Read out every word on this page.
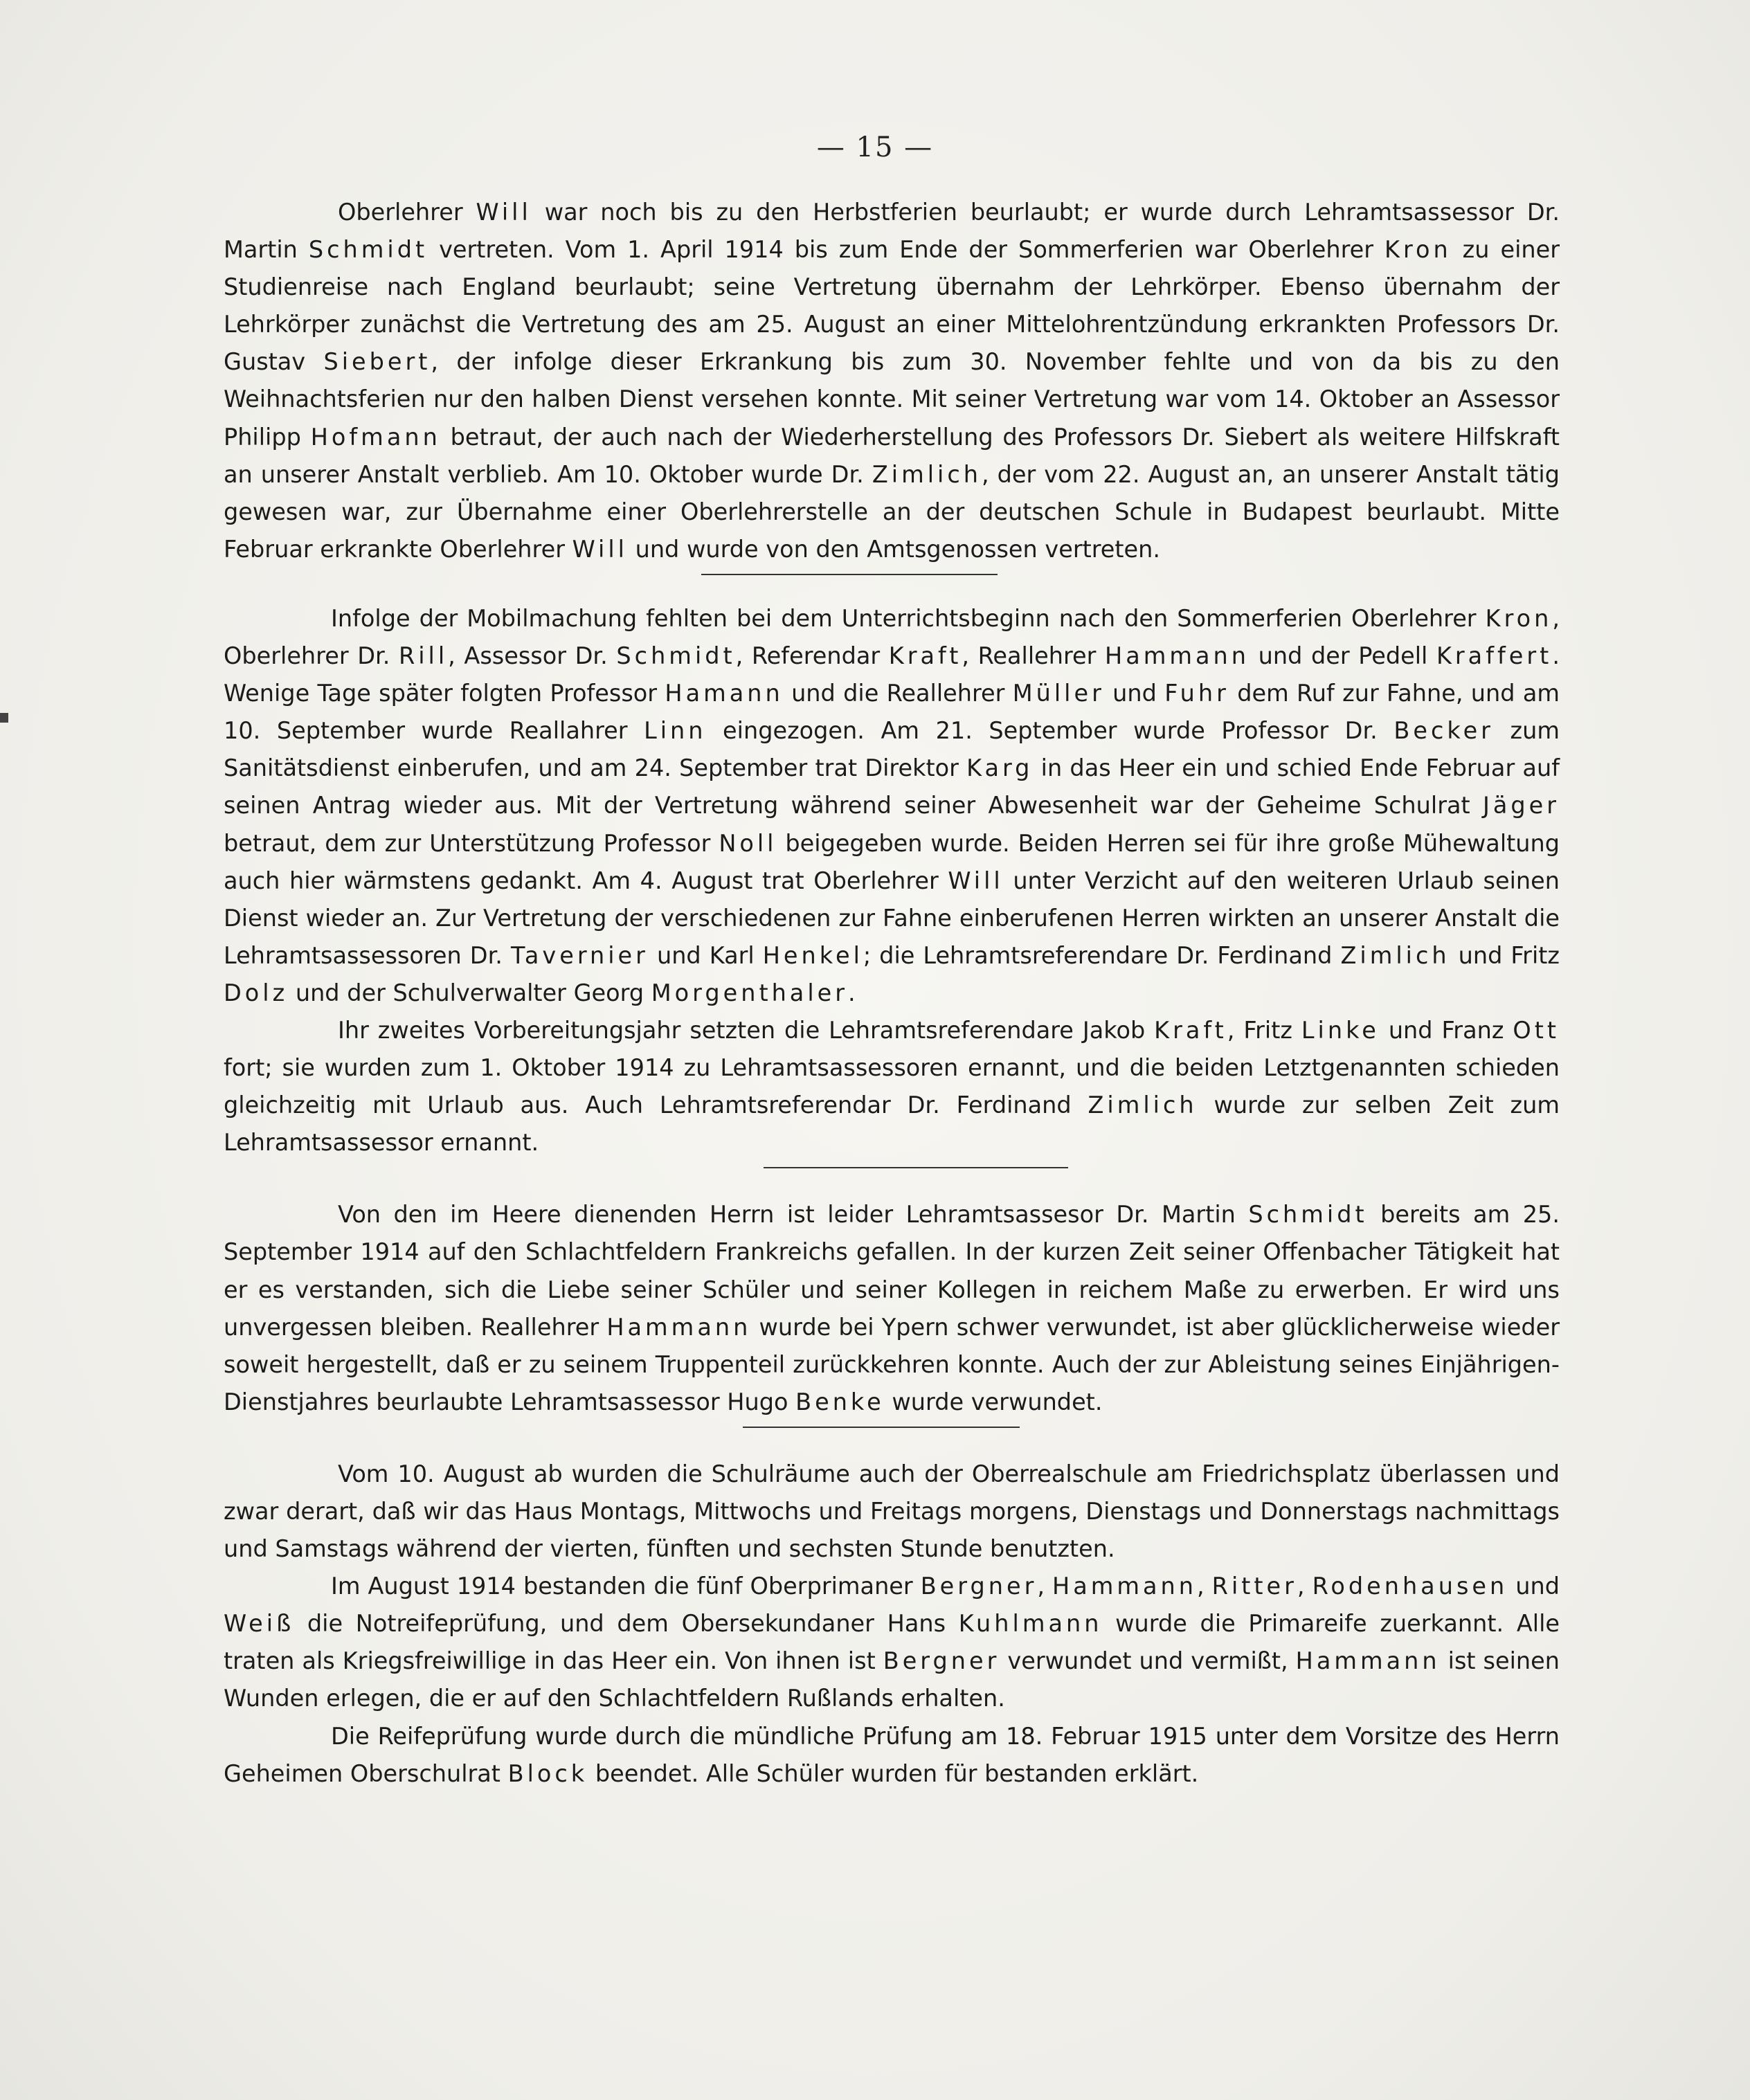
— 15 —

Oberlehrer Will war noch bis zu den Herbstferien beurlaubt; er wurde durch Lehramtsassessor Dr. Martin Schmidt vertreten. Vom 1. April 1914 bis zum Ende der Sommerferien war Oberlehrer Kron zu einer Studienreise nach England beurlaubt; seine Vertretung übernahm der Lehrkörper. Ebenso übernahm der Lehrkörper zunächst die Vertretung des am 25. August an einer Mittelohrentzündung erkrankten Professors Dr. Gustav Siebert, der infolge dieser Erkrankung bis zum 30. November fehlte und von da bis zu den Weihnachtsferien nur den halben Dienst versehen konnte. Mit seiner Vertretung war vom 14. Oktober an Assessor Philipp Hofmann betraut, der auch nach der Wiederherstellung des Professors Dr. Siebert als weitere Hilfskraft an unserer Anstalt verblieb. Am 10. Oktober wurde Dr. Zimlich, der vom 22. August an, an unserer Anstalt tätig gewesen war, zur Übernahme einer Oberlehrerstelle an der deutschen Schule in Budapest beurlaubt. Mitte Februar erkrankte Oberlehrer Will und wurde von den Amtsgenossen vertreten.

Infolge der Mobilmachung fehlten bei dem Unterrichtsbeginn nach den Sommerferien Oberlehrer Kron, Oberlehrer Dr. Rill, Assessor Dr. Schmidt, Referendar Kraft, Reallehrer Hammann und der Pedell Kraffert. Wenige Tage später folgten Professor Hamann und die Reallehrer Müller und Fuhr dem Ruf zur Fahne, und am 10. September wurde Reallahrer Linn eingezogen. Am 21. September wurde Professor Dr. Becker zum Sanitätsdienst einberufen, und am 24. September trat Direktor Karg in das Heer ein und schied Ende Februar auf seinen Antrag wieder aus. Mit der Vertretung während seiner Abwesenheit war der Geheime Schulrat Jäger betraut, dem zur Unterstützung Professor Noll beigegeben wurde. Beiden Herren sei für ihre große Mühewaltung auch hier wärmstens gedankt. Am 4. August trat Oberlehrer Will unter Verzicht auf den weiteren Urlaub seinen Dienst wieder an. Zur Vertretung der verschiedenen zur Fahne einberufenen Herren wirkten an unserer Anstalt die Lehramtsassessoren Dr. Tavernier und Karl Henkel; die Lehramtsreferendare Dr. Ferdinand Zimlich und Fritz Dolz und der Schulverwalter Georg Morgenthaler.

Ihr zweites Vorbereitungsjahr setzten die Lehramtsreferendare Jakob Kraft, Fritz Linke und Franz Ott fort; sie wurden zum 1. Oktober 1914 zu Lehramtsassessoren ernannt, und die beiden Letztgenannten schieden gleichzeitig mit Urlaub aus. Auch Lehramtsreferendar Dr. Ferdinand Zimlich wurde zur selben Zeit zum Lehramtsassessor ernannt.

Von den im Heere dienenden Herrn ist leider Lehramtsassesor Dr. Martin Schmidt bereits am 25. September 1914 auf den Schlachtfeldern Frankreichs gefallen. In der kurzen Zeit seiner Offenbacher Tätigkeit hat er es verstanden, sich die Liebe seiner Schüler und seiner Kollegen in reichem Maße zu erwerben. Er wird uns unvergessen bleiben. Reallehrer Hammann wurde bei Ypern schwer verwundet, ist aber glücklicherweise wieder soweit hergestellt, daß er zu seinem Truppenteil zurückkehren konnte. Auch der zur Ableistung seines Einjährigen-Dienstjahres beurlaubte Lehramtsassessor Hugo Benke wurde verwundet.

Vom 10. August ab wurden die Schulräume auch der Oberrealschule am Friedrichsplatz überlassen und zwar derart, daß wir das Haus Montags, Mittwochs und Freitags morgens, Dienstags und Donnerstags nachmittags und Samstags während der vierten, fünften und sechsten Stunde benutzten.

Im August 1914 bestanden die fünf Oberprimaner Bergner, Hammann, Ritter, Rodenhausen und Weiß die Notreifeprüfung, und dem Obersekundaner Hans Kuhlmann wurde die Primareife zuerkannt. Alle traten als Kriegsfreiwillige in das Heer ein. Von ihnen ist Bergner verwundet und vermißt, Hammann ist seinen Wunden erlegen, die er auf den Schlachtfeldern Rußlands erhalten.

Die Reifeprüfung wurde durch die mündliche Prüfung am 18. Februar 1915 unter dem Vorsitze des Herrn Geheimen Oberschulrat Block beendet. Alle Schüler wurden für bestanden erklärt.
